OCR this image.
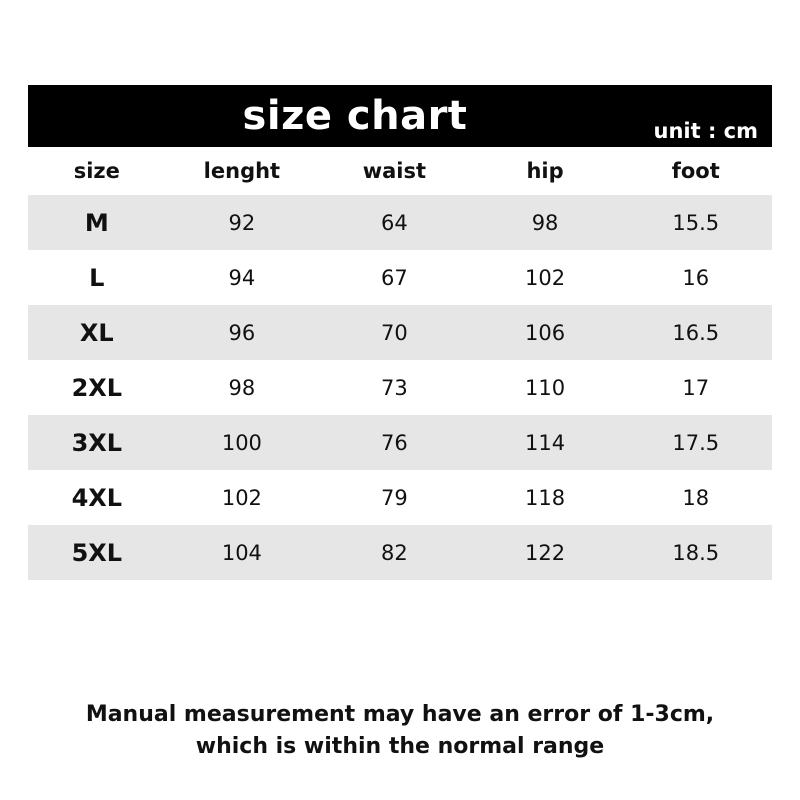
size chart	unit : cm
size	lenght	waist	hip	foot
M	92	64	98	15.5
L	94	67	102	16
XL	96	70	106	16.5
2XL	98	73	110	17
3XL	100	76	114	17.5
4XL	102	79	118	18
5XL	104	82	122	18.5
Manual measurement may have an error of 1-3cm,
which is within the normal range
